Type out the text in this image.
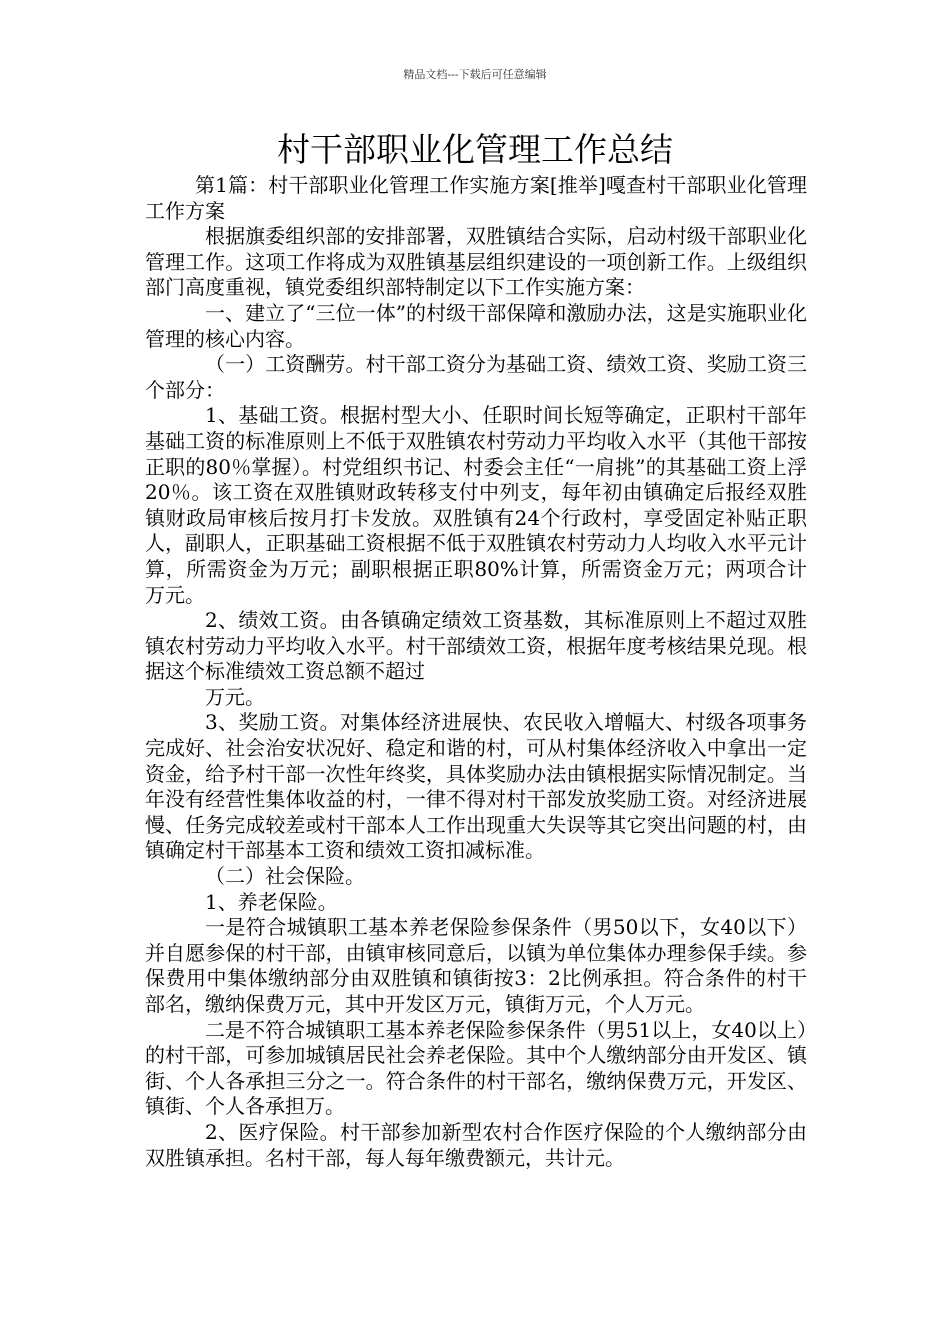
精品文档---下载后可任意编辑
村干部职业化管理工作总结

第1篇：村干部职业化管理工作实施方案[推举]嘎查村干部职业化管理工作方案

根据旗委组织部的安排部署，双胜镇结合实际，启动村级干部职业化管理工作。这项工作将成为双胜镇基层组织建设的一项创新工作。上级组织部门高度重视，镇党委组织部特制定以下工作实施方案：

一、建立了“三位一体”的村级干部保障和激励办法，这是实施职业化管理的核心内容。

（一）工资酬劳。村干部工资分为基础工资、绩效工资、奖励工资三个部分：

1、基础工资。根据村型大小、任职时间长短等确定，正职村干部年基础工资的标准原则上不低于双胜镇农村劳动力平均收入水平（其他干部按正职的80％掌握）。村党组织书记、村委会主任“一肩挑”的其基础工资上浮20％。该工资在双胜镇财政转移支付中列支，每年初由镇确定后报经双胜镇财政局审核后按月打卡发放。双胜镇有24个行政村，享受固定补贴正职人，副职人，正职基础工资根据不低于双胜镇农村劳动力人均收入水平元计算，所需资金为万元；副职根据正职80%计算，所需资金万元；两项合计万元。

2、绩效工资。由各镇确定绩效工资基数，其标准原则上不超过双胜镇农村劳动力平均收入水平。村干部绩效工资，根据年度考核结果兑现。根据这个标准绩效工资总额不超过

万元。

3、奖励工资。对集体经济进展快、农民收入增幅大、村级各项事务完成好、社会治安状况好、稳定和谐的村，可从村集体经济收入中拿出一定资金，给予村干部一次性年终奖，具体奖励办法由镇根据实际情况制定。当年没有经营性集体收益的村，一律不得对村干部发放奖励工资。对经济进展慢、任务完成较差或村干部本人工作出现重大失误等其它突出问题的村，由镇确定村干部基本工资和绩效工资扣减标准。

（二）社会保险。

1、养老保险。

一是符合城镇职工基本养老保险参保条件（男50以下，女40以下）并自愿参保的村干部，由镇审核同意后，以镇为单位集体办理参保手续。参保费用中集体缴纳部分由双胜镇和镇街按3：2比例承担。符合条件的村干部名，缴纳保费万元，其中开发区万元，镇街万元，个人万元。

二是不符合城镇职工基本养老保险参保条件（男51以上，女40以上）的村干部，可参加城镇居民社会养老保险。其中个人缴纳部分由开发区、镇街、个人各承担三分之一。符合条件的村干部名，缴纳保费万元，开发区、镇街、个人各承担万。

2、医疗保险。村干部参加新型农村合作医疗保险的个人缴纳部分由双胜镇承担。名村干部，每人每年缴费额元，共计元。
